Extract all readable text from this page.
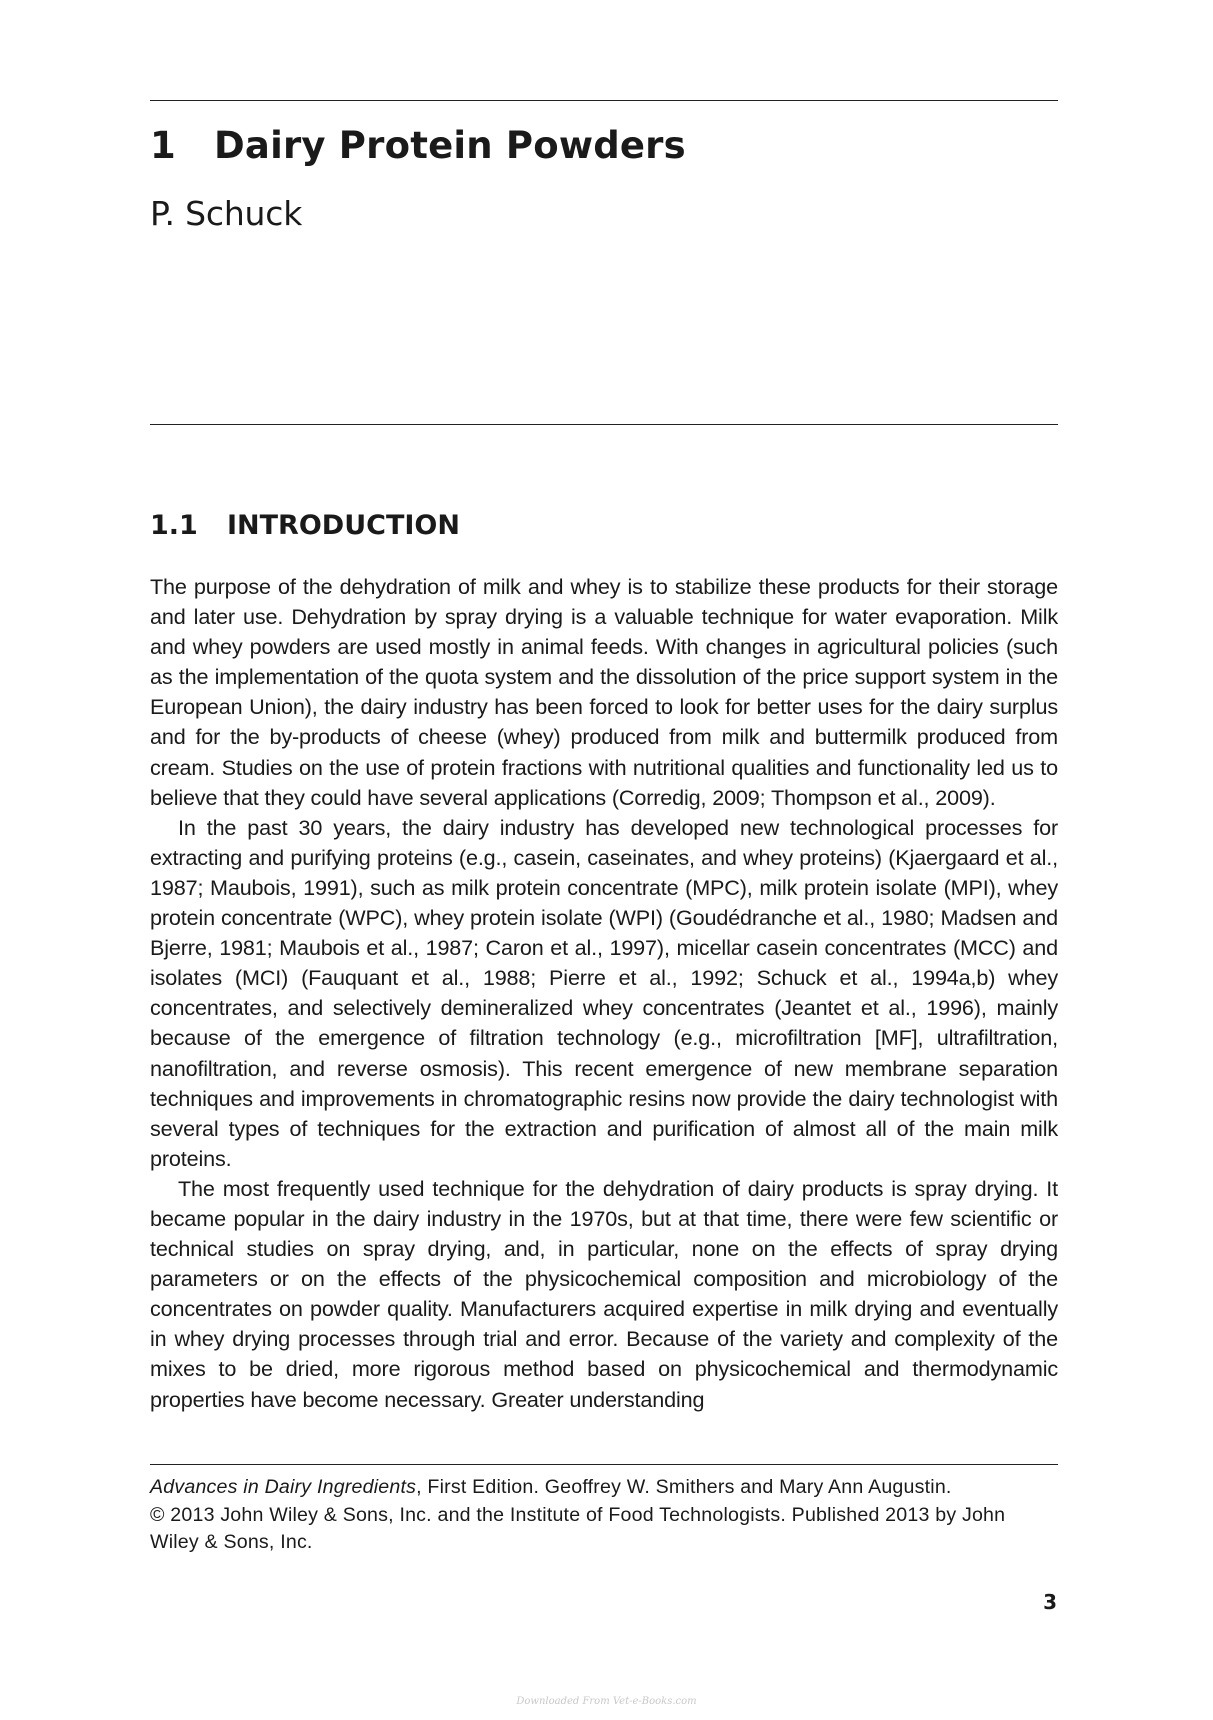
1 Dairy Protein Powders
P. Schuck
1.1 INTRODUCTION

The purpose of the dehydration of milk and whey is to stabilize these products for their storage and later use. Dehydration by spray drying is a valuable technique for water evaporation. Milk and whey powders are used mostly in animal feeds. With changes in agricultural policies (such as the implementation of the quota system and the dissolution of the price support system in the European Union), the dairy industry has been forced to look for better uses for the dairy surplus and for the by-products of cheese (whey) produced from milk and buttermilk produced from cream. Studies on the use of protein fractions with nutritional qualities and functionality led us to believe that they could have several applications (Corredig, 2009; Thompson et al., 2009).

In the past 30 years, the dairy industry has developed new technological processes for extracting and purifying proteins (e.g., casein, caseinates, and whey proteins) (Kjaergaard et al., 1987; Maubois, 1991), such as milk protein concentrate (MPC), milk protein isolate (MPI), whey protein concentrate (WPC), whey protein isolate (WPI) (Goudédranche et al., 1980; Madsen and Bjerre, 1981; Maubois et al., 1987; Caron et al., 1997), micellar casein concentrates (MCC) and isolates (MCI) (Fauquant et al., 1988; Pierre et al., 1992; Schuck et al., 1994a,b) whey concentrates, and selectively demineralized whey concentrates (Jeantet et al., 1996), mainly because of the emergence of filtration technology (e.g., microfiltration [MF], ultrafiltration, nanofiltration, and reverse osmosis). This recent emergence of new membrane separation techniques and improvements in chromatographic resins now provide the dairy technologist with several types of techniques for the extraction and purification of almost all of the main milk proteins.

The most frequently used technique for the dehydration of dairy products is spray drying. It became popular in the dairy industry in the 1970s, but at that time, there were few scientific or technical studies on spray drying, and, in particular, none on the effects of spray drying parameters or on the effects of the physicochemical composition and microbiology of the concentrates on powder quality. Manufacturers acquired expertise in milk drying and eventually in whey drying processes through trial and error. Because of the variety and complexity of the mixes to be dried, more rigorous method based on physicochemical and thermodynamic properties have become necessary. Greater understanding

Advances in Dairy Ingredients, First Edition. Geoffrey W. Smithers and Mary Ann Augustin.

© 2013 John Wiley & Sons, Inc. and the Institute of Food Technologists. Published 2013 by John Wiley & Sons, Inc.

3
Downloaded From Vet-e-Books.com
